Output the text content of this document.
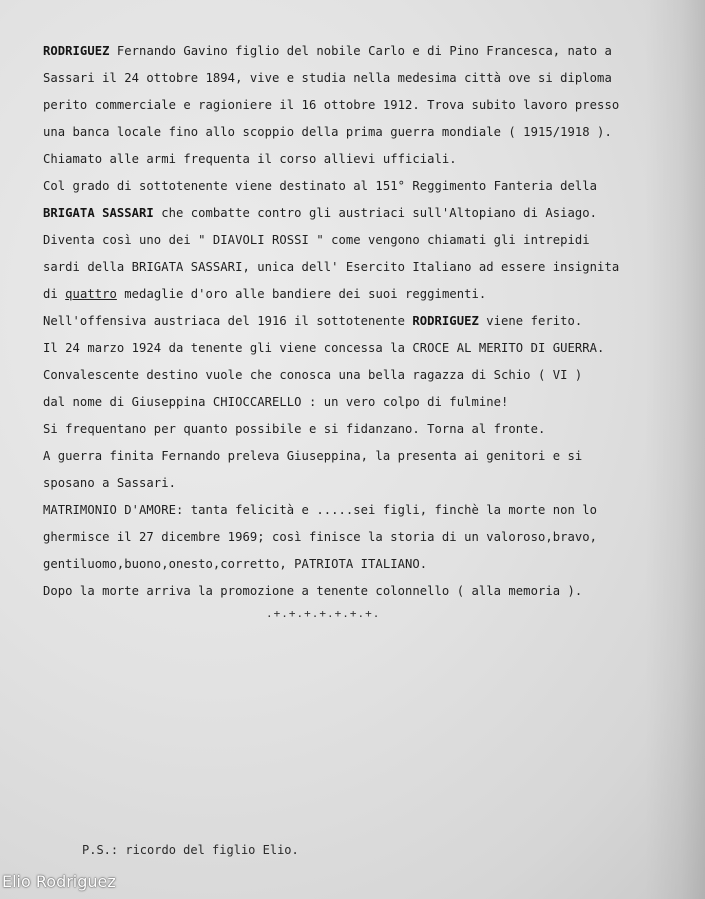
RODRIGUEZ Fernando Gavino figlio del nobile Carlo e di Pino Francesca, nato a
Sassari il 24 ottobre 1894, vive e studia nella medesima città ove si diploma
perito commerciale e ragioniere il 16 ottobre 1912. Trova subito lavoro presso
una banca locale fino allo scoppio della prima guerra mondiale ( 1915/1918 ).
Chiamato alle armi frequenta il corso allievi ufficiali.
Col grado di sottotenente viene destinato al 151° Reggimento Fanteria della
BRIGATA SASSARI che combatte contro gli austriaci sull'Altopiano di Asiago.
Diventa così uno dei " DIAVOLI ROSSI " come vengono chiamati gli intrepidi
sardi della BRIGATA SASSARI, unica dell' Esercito Italiano ad essere insignita
di quattro medaglie d'oro alle bandiere dei suoi reggimenti.
Nell'offensiva austriaca del 1916 il sottotenente RODRIGUEZ viene ferito.
Il 24 marzo 1924 da tenente gli viene concessa la CROCE AL MERITO DI GUERRA.
Convalescente destino vuole che conosca una bella ragazza di Schio ( VI )
dal nome di Giuseppina CHIOCCARELLO : un vero colpo di fulmine!
Si frequentano per quanto possibile e si fidanzano. Torna al fronte.
A guerra finita Fernando preleva Giuseppina, la presenta ai genitori e si
sposano a Sassari.
MATRIMONIO D'AMORE: tanta felicità e .....sei figli, finchè la morte non lo
ghermisce il 27 dicembre 1969; così finisce la storia di un valoroso,bravo,
gentiluomo,buono,onesto,corretto, PATRIOTA ITALIANO.
Dopo la morte arriva la promozione a tenente colonnello ( alla memoria ).
.+.+.+.+.+.+.+.
P.S.: ricordo del figlio Elio.
Elio Rodriguez
